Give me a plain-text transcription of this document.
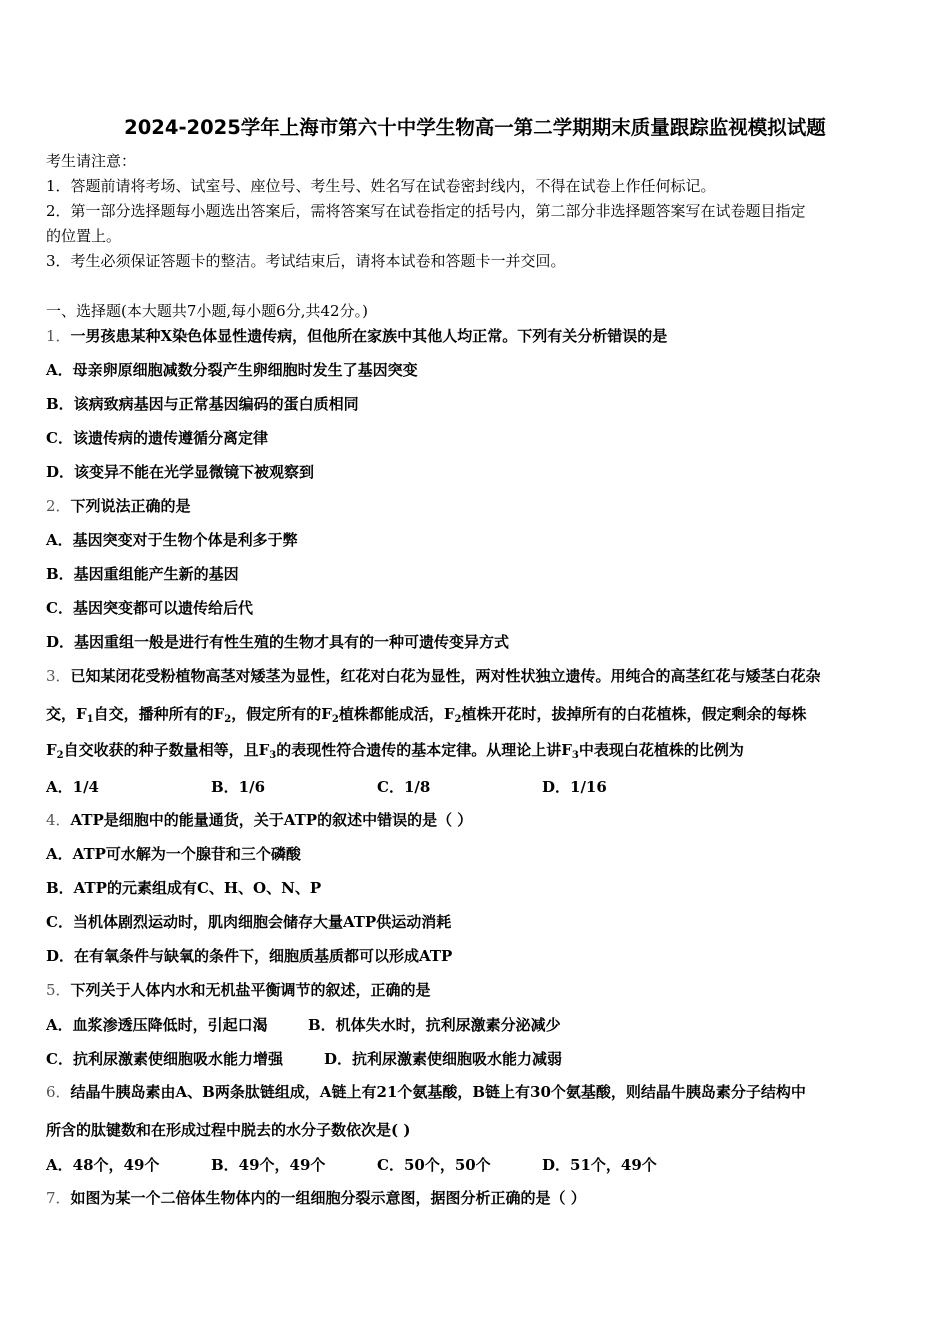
2024-2025学年上海市第六十中学生物高一第二学期期末质量跟踪监视模拟试题
考生请注意：
1．答题前请将考场、试室号、座位号、考生号、姓名写在试卷密封线内，不得在试卷上作任何标记。
2．第一部分选择题每小题选出答案后，需将答案写在试卷指定的括号内，第二部分非选择题答案写在试卷题目指定
的位置上。
3．考生必须保证答题卡的整洁。考试结束后，请将本试卷和答题卡一并交回。
一、选择题(本大题共7小题,每小题6分,共42分。)
1．一男孩患某种X染色体显性遗传病，但他所在家族中其他人均正常。下列有关分析错误的是
A．母亲卵原细胞减数分裂产生卵细胞时发生了基因突变
B．该病致病基因与正常基因编码的蛋白质相同
C．该遗传病的遗传遵循分离定律
D．该变异不能在光学显微镜下被观察到
2．下列说法正确的是
A．基因突变对于生物个体是利多于弊
B．基因重组能产生新的基因
C．基因突变都可以遗传给后代
D．基因重组一般是进行有性生殖的生物才具有的一种可遗传变异方式
3．已知某闭花受粉植物高茎对矮茎为显性，红花对白花为显性，两对性状独立遗传。用纯合的高茎红花与矮茎白花杂
交，$F_1$自交，播种所有的$F_2$，假定所有的$F_2$植株都能成活，$F_2$植株开花时，拔掉所有的白花植株，假定剩余的每株
$F_2$自交收获的种子数量相等，且$F_3$的表现性符合遗传的基本定律。从理论上讲$F_3$中表现白花植株的比例为
A．1/4	B．1/6	C．1/8	D．1/16
4．ATP是细胞中的能量通货，关于ATP的叙述中错误的是（ ）
A．ATP可水解为一个腺苷和三个磷酸
B．ATP的元素组成有C、H、O、N、P
C．当机体剧烈运动时，肌肉细胞会储存大量ATP供运动消耗
D．在有氧条件与缺氧的条件下，细胞质基质都可以形成ATP
5．下列关于人体内水和无机盐平衡调节的叙述，正确的是
A．血浆渗透压降低时，引起口渴	B．机体失水时，抗利尿激素分泌减少
C．抗利尿激素使细胞吸水能力增强	D．抗利尿激素使细胞吸水能力减弱
6．结晶牛胰岛素由A、B两条肽链组成，A链上有21个氨基酸，B链上有30个氨基酸，则结晶牛胰岛素分子结构中
所含的肽键数和在形成过程中脱去的水分子数依次是( )
A．48个，49个	B．49个，49个	C．50个，50个	D．51个，49个
7．如图为某一个二倍体生物体内的一组细胞分裂示意图，据图分析正确的是（ ）
